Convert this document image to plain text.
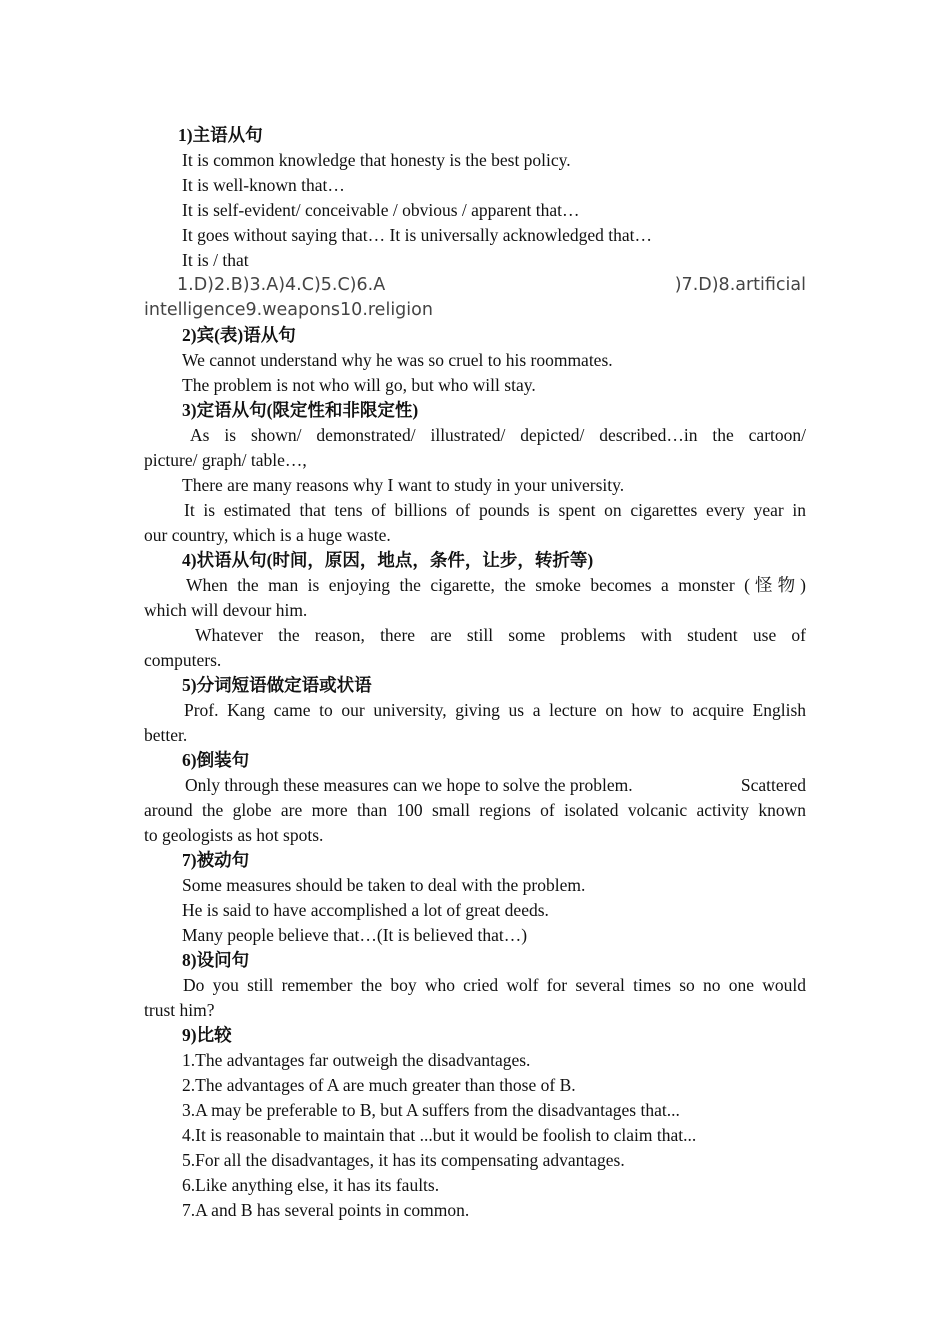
1)主语从句
It is common knowledge that honesty is the best policy.
It is well-known that…
It is self-evident/ conceivable / obvious / apparent that…
It goes without saying that… It is universally acknowledged that…
It is / that
1.D)2.B)3.A)4.C)5.C)6.A	)7.D)8.artificial
intelligence9.weapons10.religion
2)宾(表)语从句
We cannot understand why he was so cruel to his roommates.
The problem is not who will go, but who will stay.
3)定语从句(限定性和非限定性)
As is shown/ demonstrated/ illustrated/ depicted/ described…in the cartoon/
picture/ graph/ table…,
There are many reasons why I want to study in your university.
It is estimated that tens of billions of pounds is spent on cigarettes every year in
our country, which is a huge waste.
4)状语从句(时间，原因，地点，条件，让步，转折等)
When the man is enjoying the cigarette, the smoke becomes a monster (怪物)
which will devour him.
Whatever the reason, there are still some problems with student use of
computers.
5)分词短语做定语或状语
Prof. Kang came to our university, giving us a lecture on how to acquire English
better.
6)倒装句
Only through these measures can we hope to solve the problem.	Scattered
around the globe are more than 100 small regions of isolated volcanic activity known
to geologists as hot spots.
7)被动句
Some measures should be taken to deal with the problem.
He is said to have accomplished a lot of great deeds.
Many people believe that…(It is believed that…)
8)设问句
Do you still remember the boy who cried wolf for several times so no one would
trust him?
9)比较
1.The advantages far outweigh the disadvantages.
2.The advantages of A are much greater than those of B.
3.A may be preferable to B, but A suffers from the disadvantages that...
4.It is reasonable to maintain that ...but it would be foolish to claim that...
5.For all the disadvantages, it has its compensating advantages.
6.Like anything else, it has its faults.
7.A and B has several points in common.
